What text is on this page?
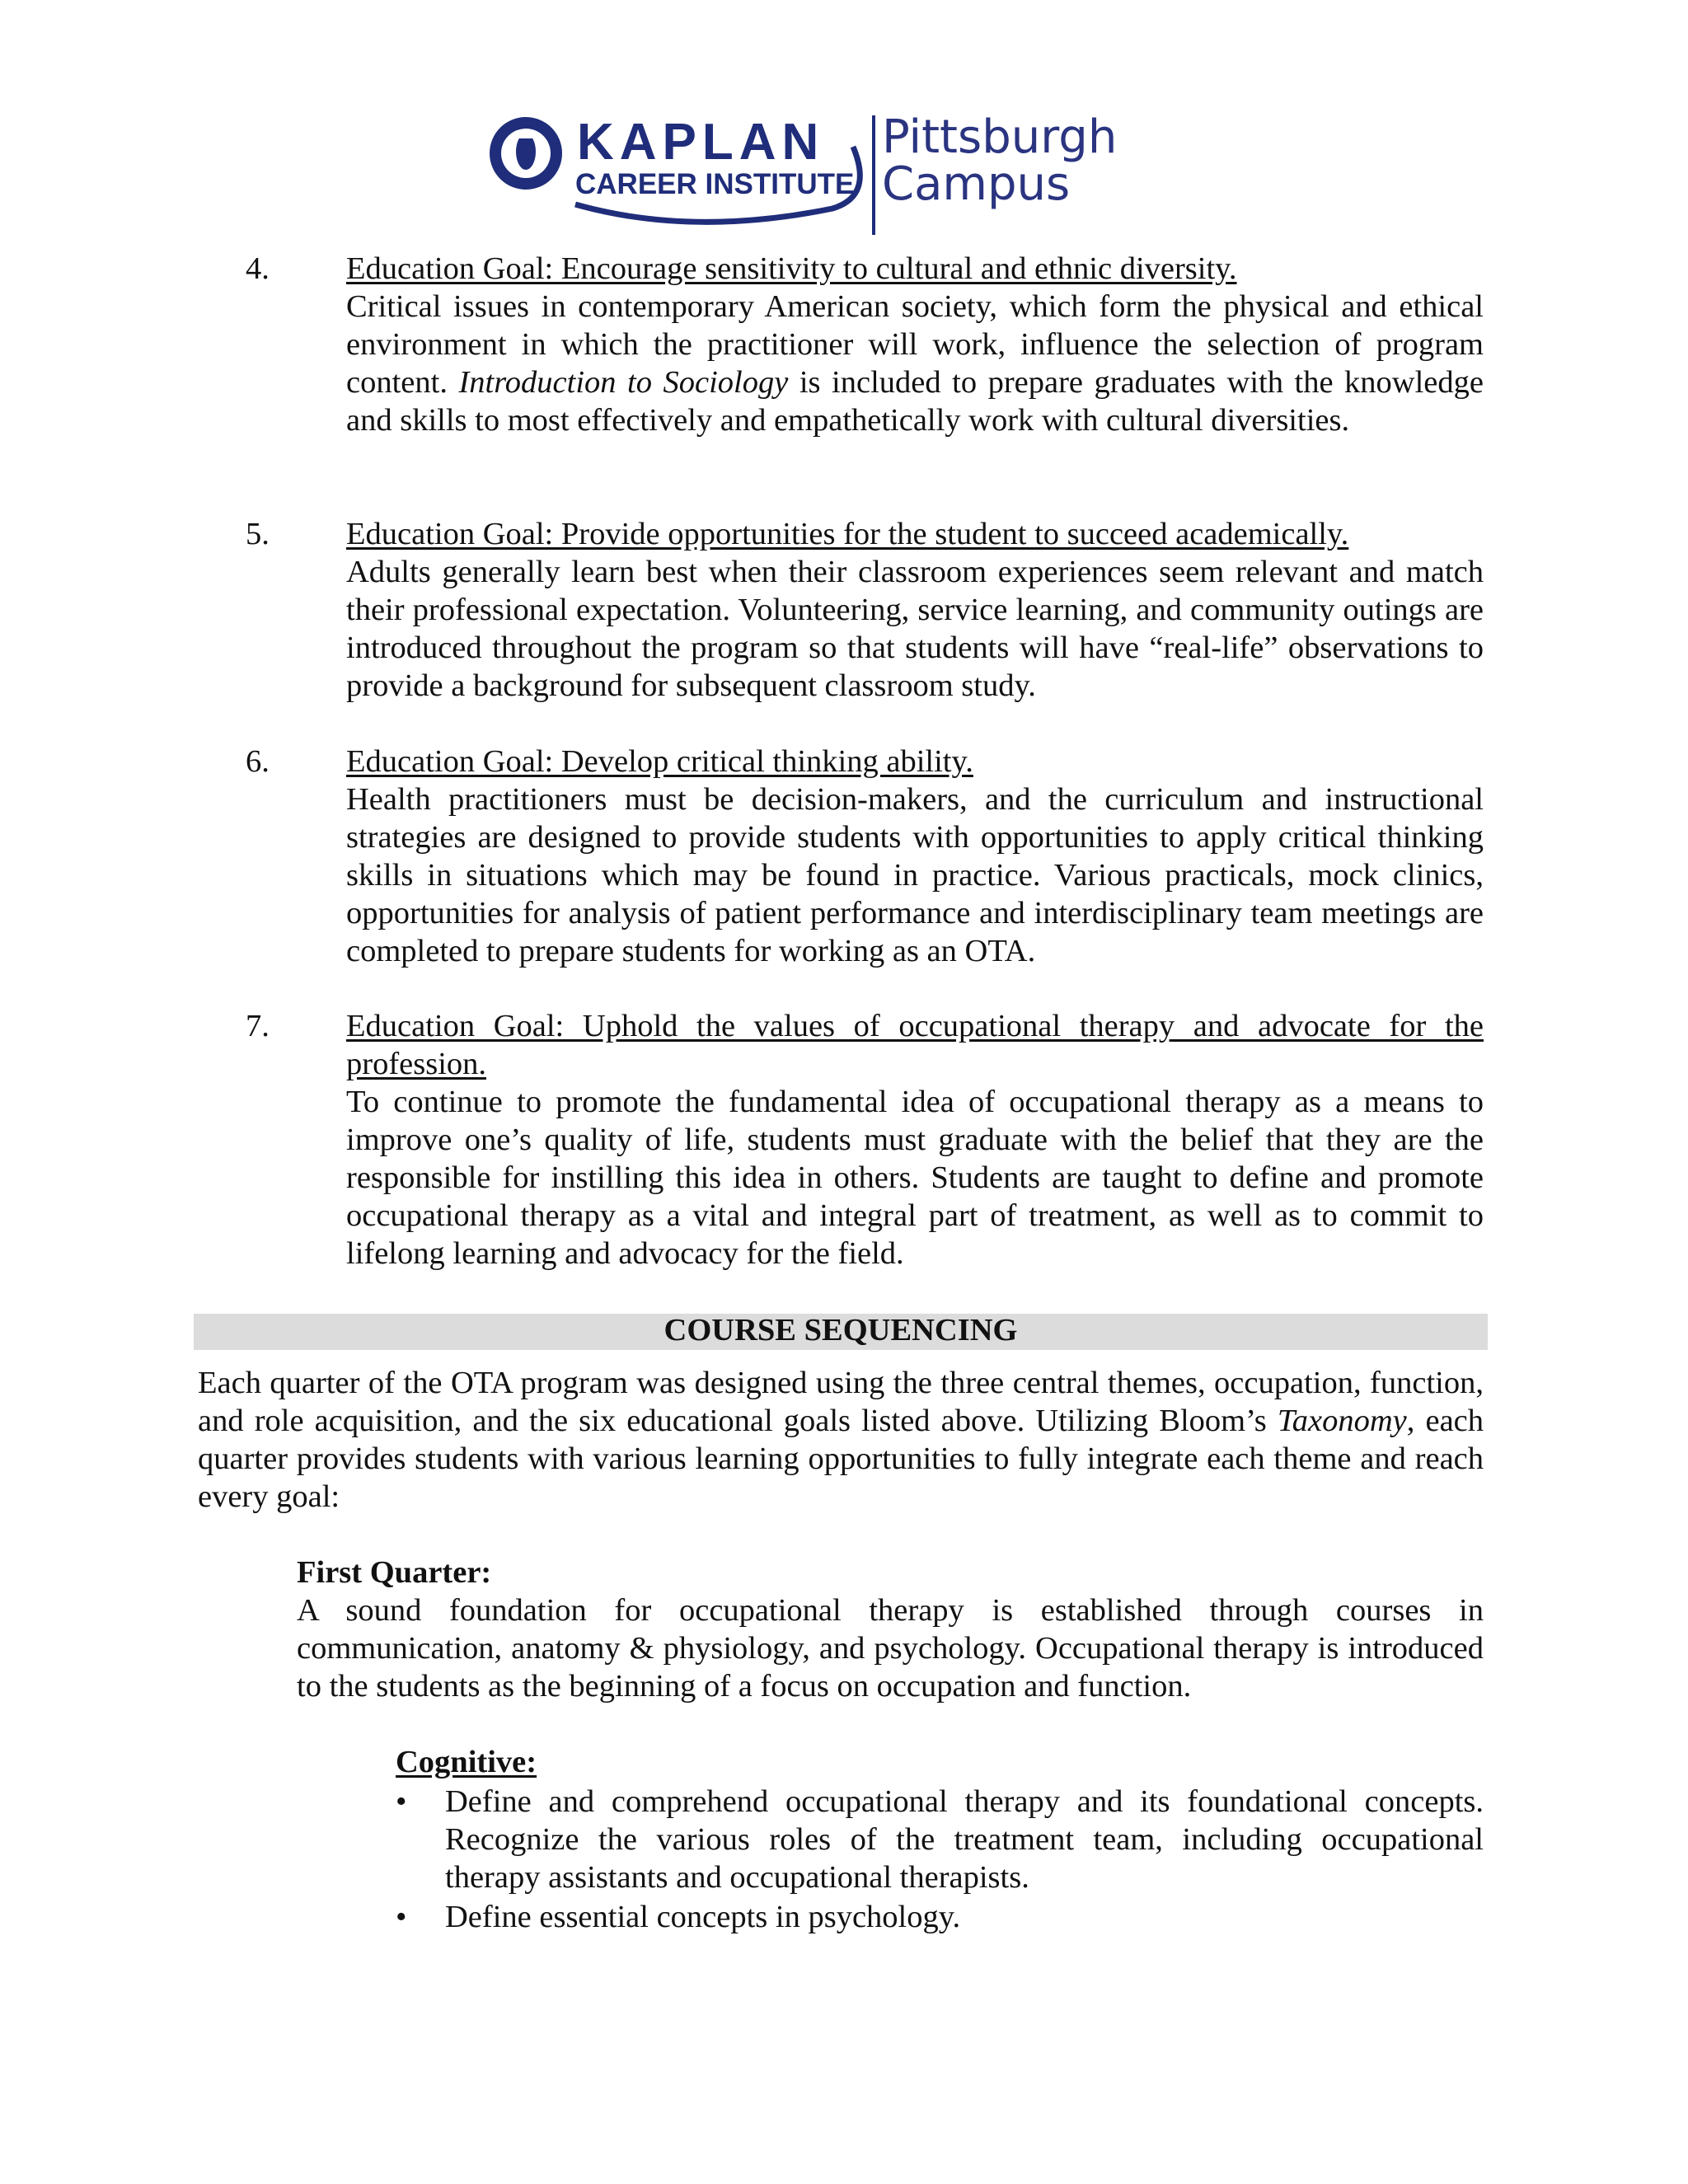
KAPLAN
CAREER INSTITUTE
Pittsburgh
Campus
4. Education Goal: Encourage sensitivity to cultural and ethnic diversity.
Critical issues in contemporary American society, which form the physical and ethical environment in which the practitioner will work, influence the selection of program content. Introduction to Sociology is included to prepare graduates with the knowledge and skills to most effectively and empathetically work with cultural diversities.
5. Education Goal: Provide opportunities for the student to succeed academically.
Adults generally learn best when their classroom experiences seem relevant and match their professional expectation. Volunteering, service learning, and community outings are introduced throughout the program so that students will have “real-life” observations to provide a background for subsequent classroom study.
6. Education Goal: Develop critical thinking ability.
Health practitioners must be decision-makers, and the curriculum and instructional strategies are designed to provide students with opportunities to apply critical thinking skills in situations which may be found in practice. Various practicals, mock clinics, opportunities for analysis of patient performance and interdisciplinary team meetings are completed to prepare students for working as an OTA.
7. Education Goal: Uphold the values of occupational therapy and advocate for the profession.
To continue to promote the fundamental idea of occupational therapy as a means to improve one’s quality of life, students must graduate with the belief that they are the responsible for instilling this idea in others. Students are taught to define and promote occupational therapy as a vital and integral part of treatment, as well as to commit to lifelong learning and advocacy for the field.
COURSE SEQUENCING
Each quarter of the OTA program was designed using the three central themes, occupation, function, and role acquisition, and the six educational goals listed above. Utilizing Bloom’s Taxonomy, each quarter provides students with various learning opportunities to fully integrate each theme and reach every goal:
First Quarter:
A sound foundation for occupational therapy is established through courses in communication, anatomy & physiology, and psychology. Occupational therapy is introduced to the students as the beginning of a focus on occupation and function.
Cognitive:
• Define and comprehend occupational therapy and its foundational concepts. Recognize the various roles of the treatment team, including occupational therapy assistants and occupational therapists.
• Define essential concepts in psychology.
